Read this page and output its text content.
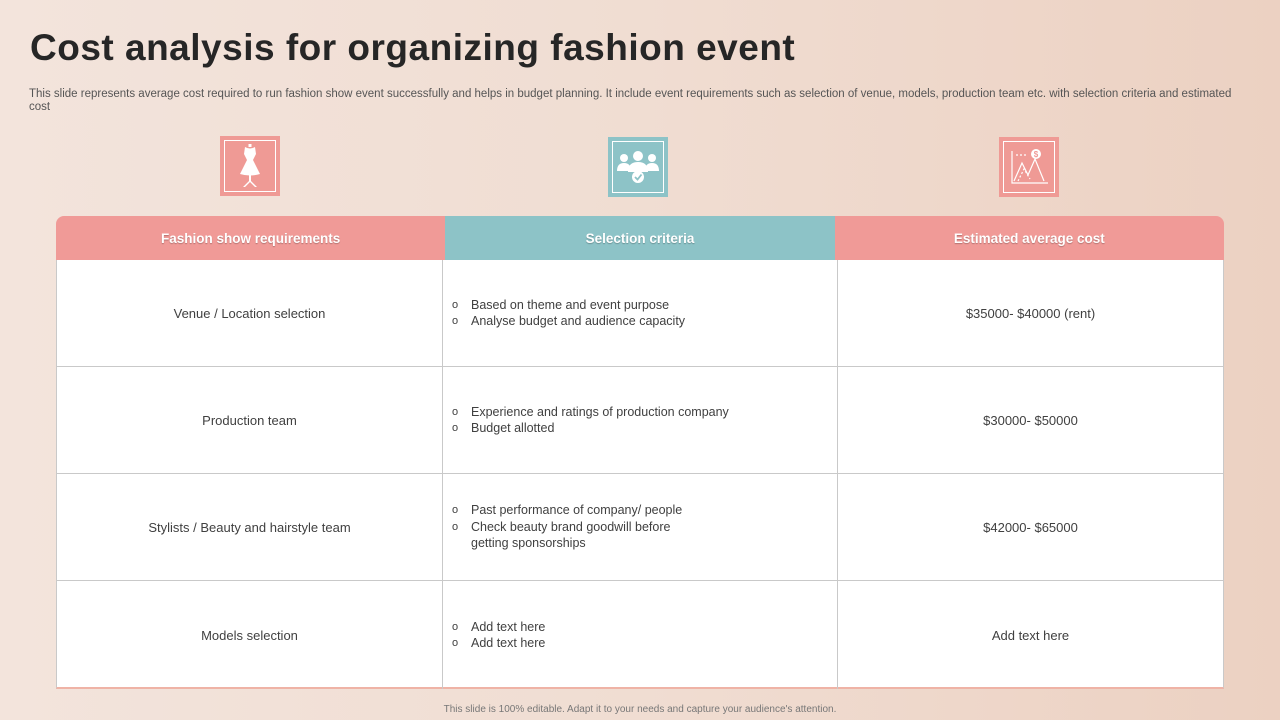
Cost analysis for organizing fashion event

This slide represents average cost required to run fashion show event successfully and helps in budget planning. It include event requirements such as selection of venue, models, production team etc. with selection criteria and estimated cost

$
Fashion show requirements	Selection criteria	Estimated average cost
Venue / Location selection
o Based on theme and event purpose
o Analyse budget and audience capacity
$35000- $40000 (rent)
Production team
o Experience and ratings of production company
o Budget allotted
$30000- $50000
Stylists / Beauty and hairstyle team
o Past performance of company/ people
o Check beauty brand goodwill before getting sponsorships
$42000- $65000
Models selection
o Add text here
o Add text here
Add text here
This slide is 100% editable. Adapt it to your needs and capture your audience's attention.
